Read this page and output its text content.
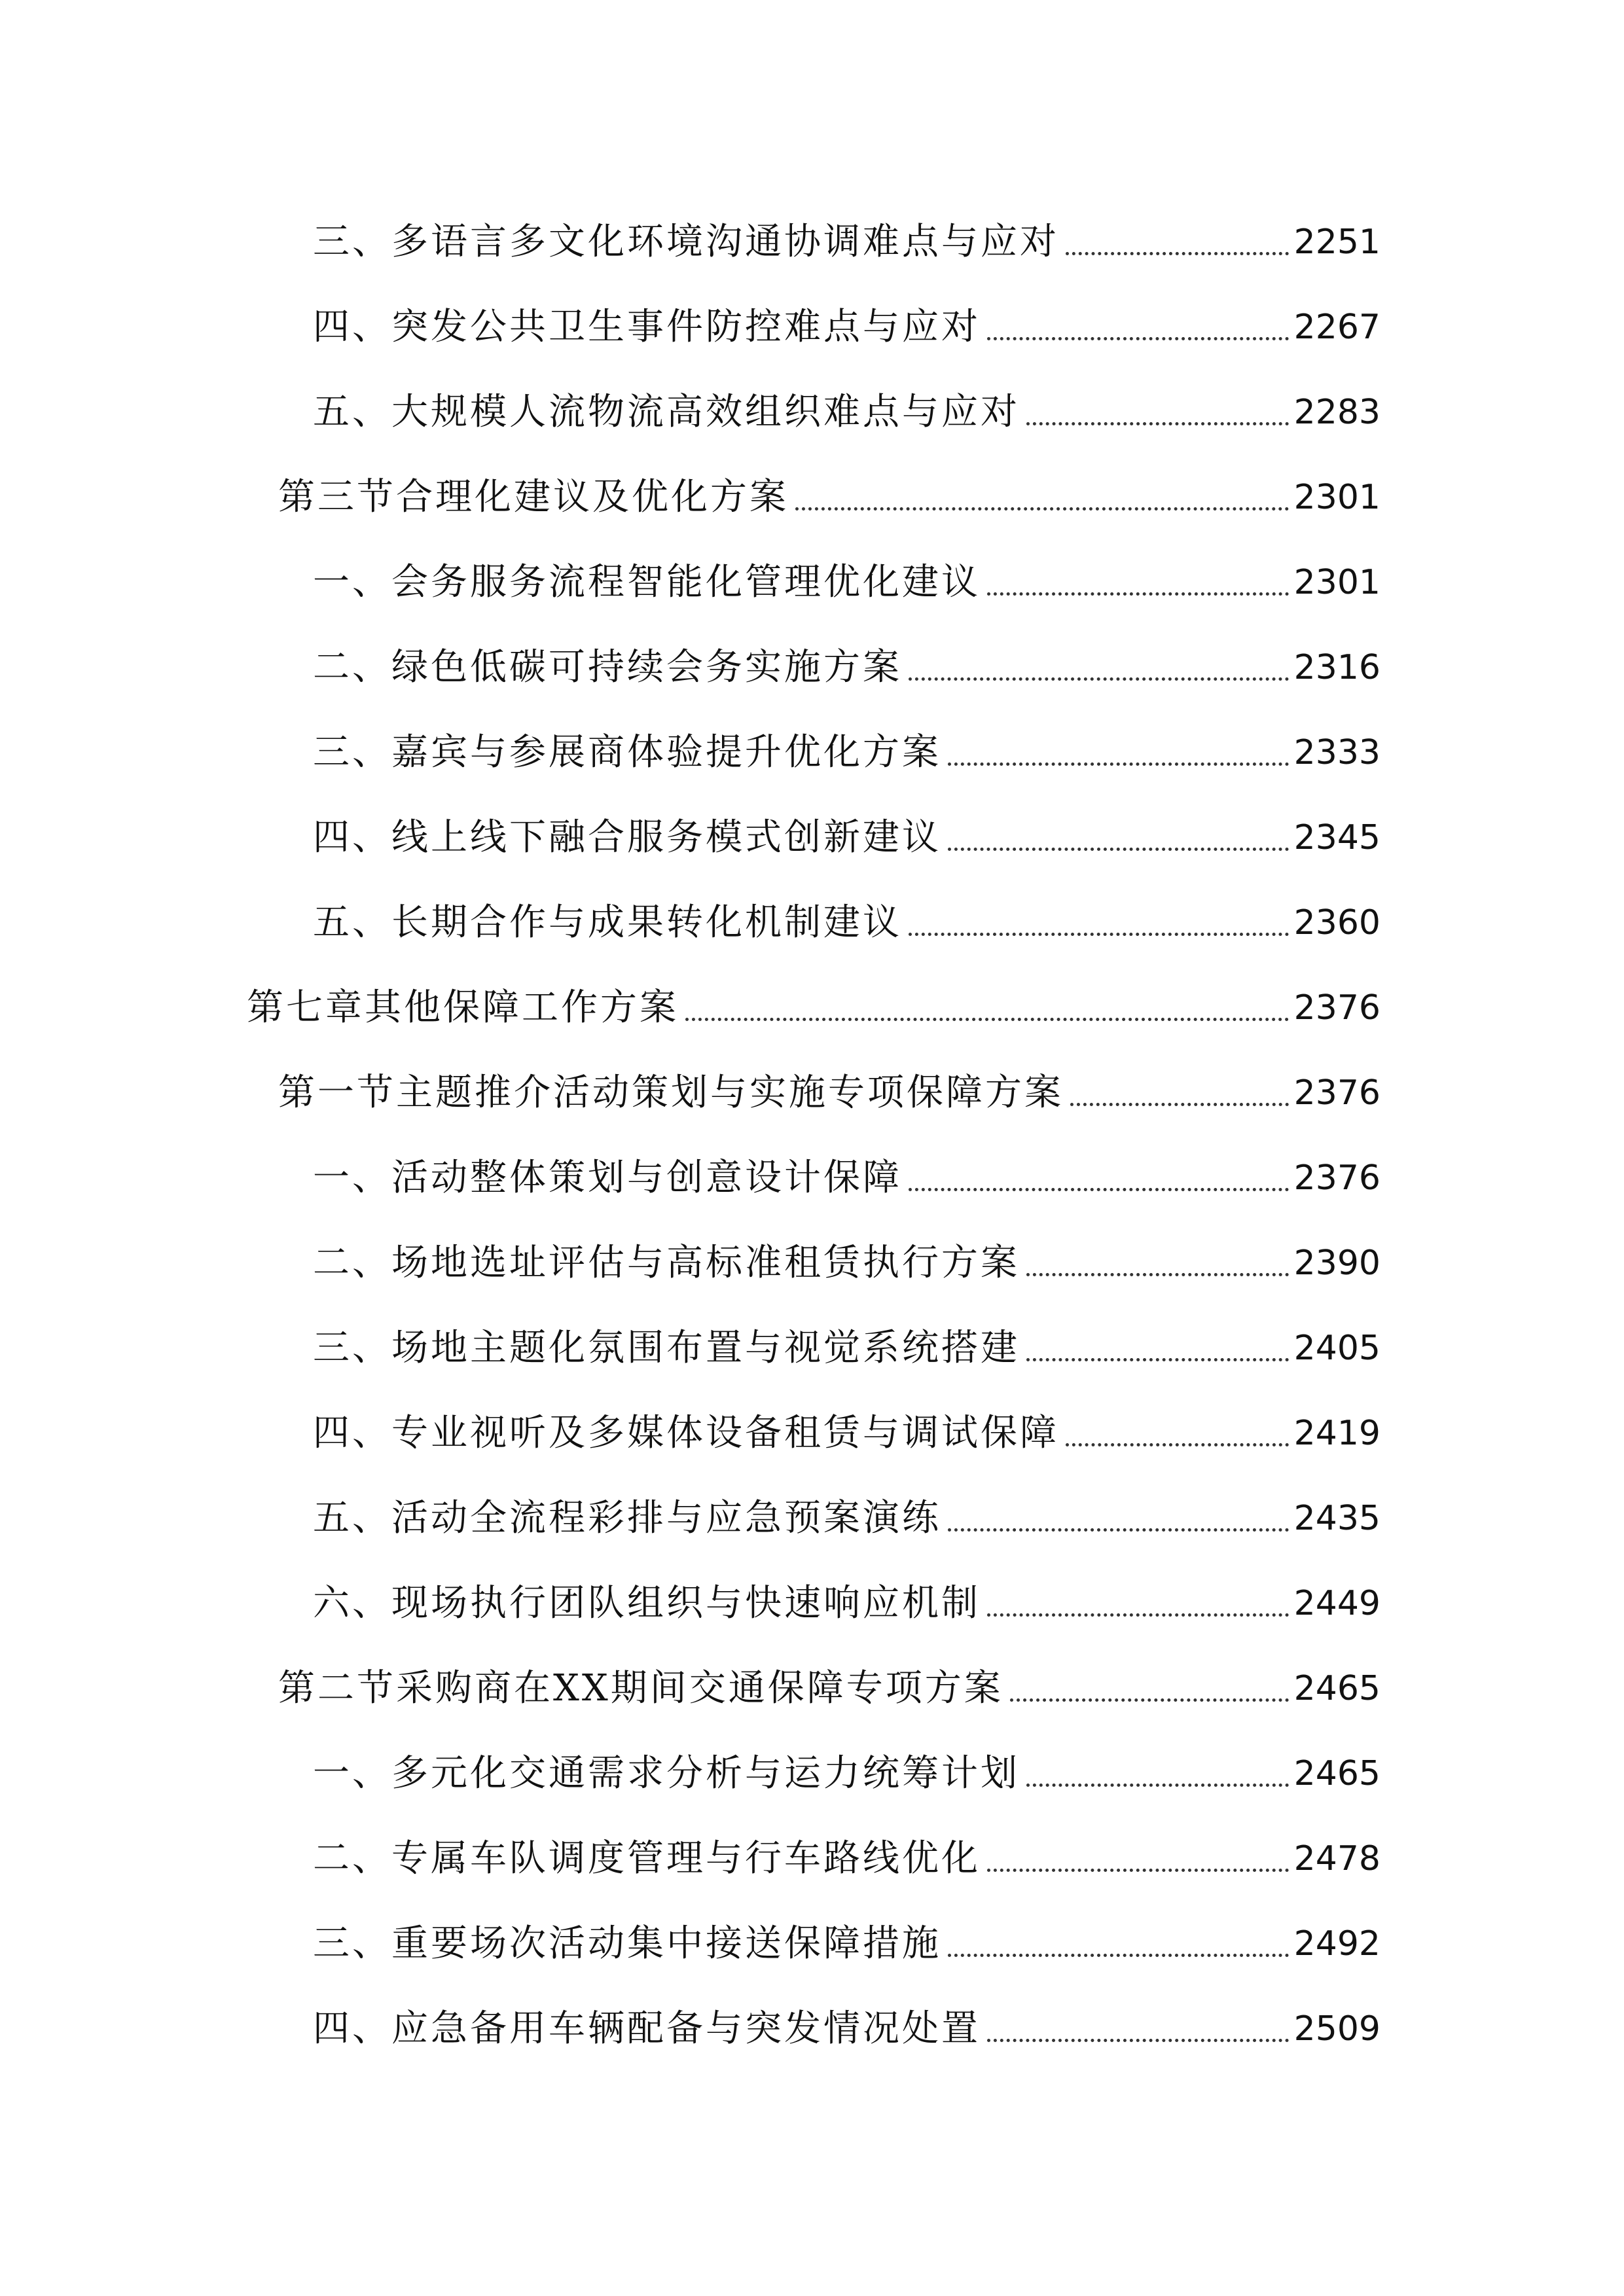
三、多语言多文化环境沟通协调难点与应对	2251
四、突发公共卫生事件防控难点与应对	2267
五、大规模人流物流高效组织难点与应对	2283
第三节合理化建议及优化方案	2301
一、会务服务流程智能化管理优化建议	2301
二、绿色低碳可持续会务实施方案	2316
三、嘉宾与参展商体验提升优化方案	2333
四、线上线下融合服务模式创新建议	2345
五、长期合作与成果转化机制建议	2360
第七章其他保障工作方案	2376
第一节主题推介活动策划与实施专项保障方案	2376
一、活动整体策划与创意设计保障	2376
二、场地选址评估与高标准租赁执行方案	2390
三、场地主题化氛围布置与视觉系统搭建	2405
四、专业视听及多媒体设备租赁与调试保障	2419
五、活动全流程彩排与应急预案演练	2435
六、现场执行团队组织与快速响应机制	2449
第二节采购商在XX期间交通保障专项方案	2465
一、多元化交通需求分析与运力统筹计划	2465
二、专属车队调度管理与行车路线优化	2478
三、重要场次活动集中接送保障措施	2492
四、应急备用车辆配备与突发情况处置	2509
